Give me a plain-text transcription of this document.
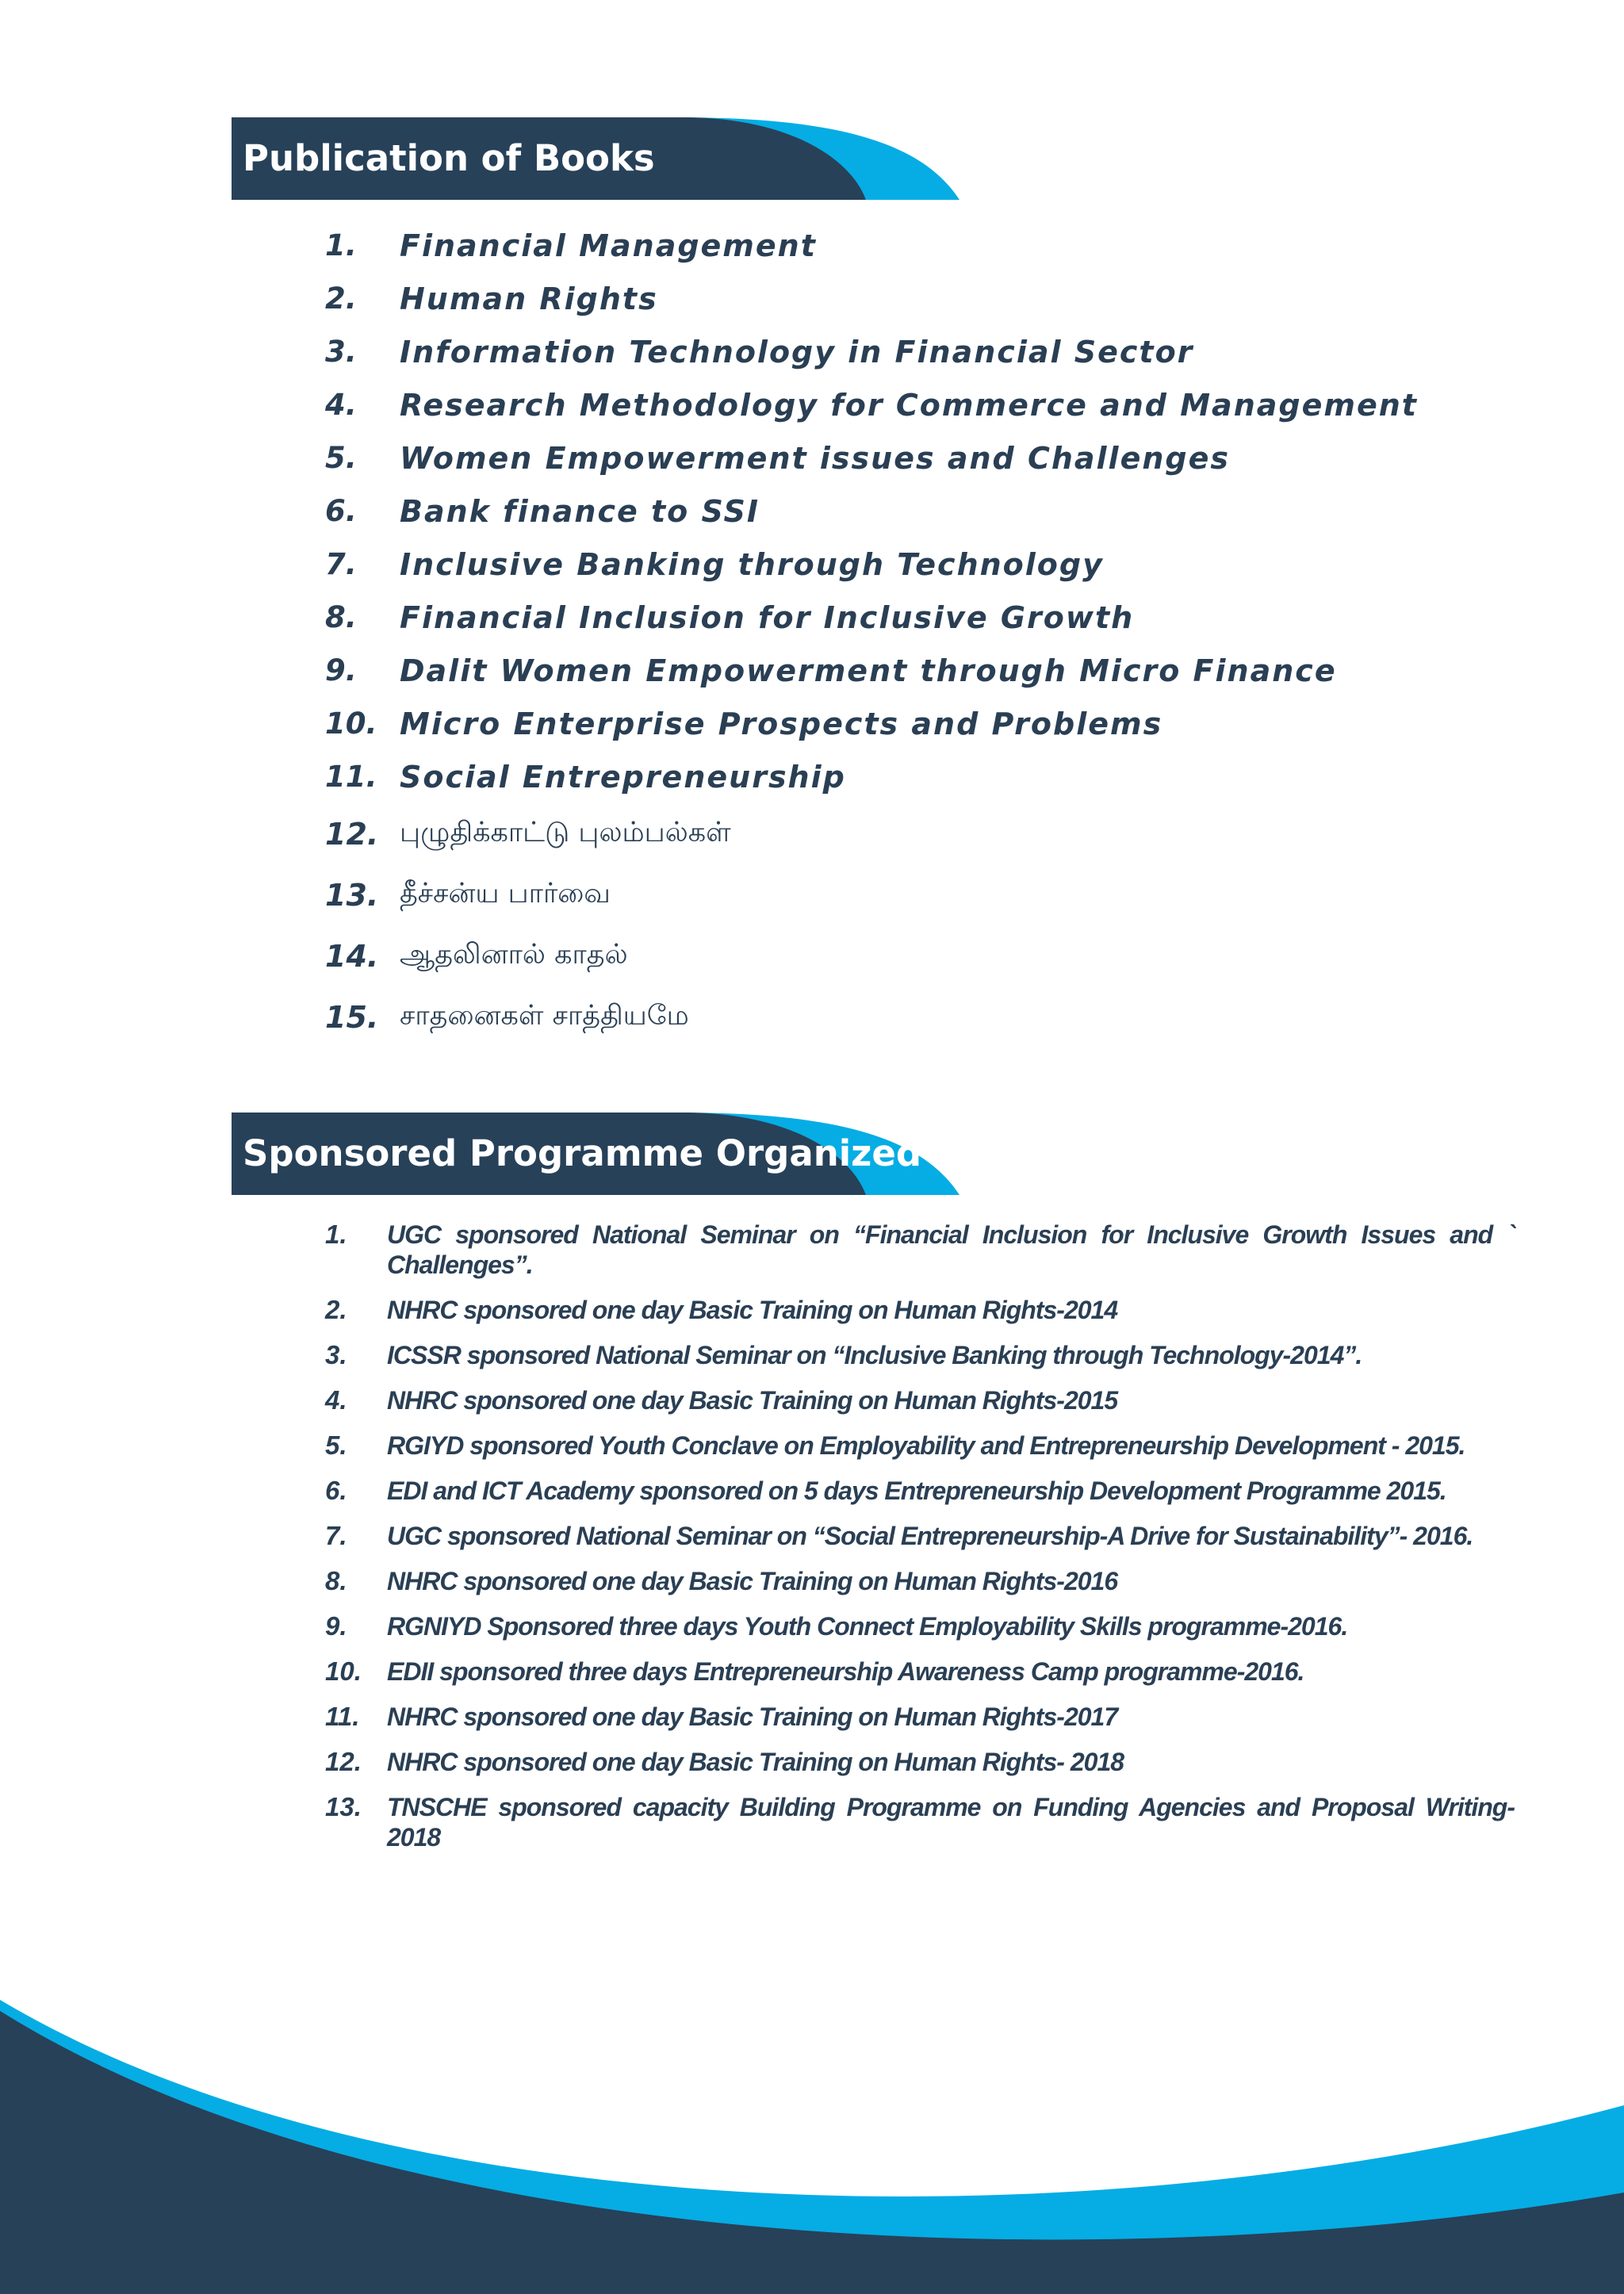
Publication of Books
1.	Financial Management
2.	Human Rights
3.	Information Technology in Financial Sector
4.	Research Methodology for Commerce and Management
5.	Women Empowerment issues and Challenges
6.	Bank finance to SSI
7.	Inclusive Banking through Technology
8.	Financial Inclusion for Inclusive Growth
9.	Dalit Women Empowerment through Micro Finance
10. Micro Enterprise Prospects and Problems
11. Social Entrepreneurship
12. புழுதிக்காட்டு புலம்பல்கள்
13. தீச்சன்ய பார்வை
14. ஆதலினால் காதல்
15. சாதனைகள் சாத்தியமே
Sponsored Programme Organized
1.	UGC sponsored National Seminar on “Financial Inclusion for Inclusive Growth Issues and ` Challenges”.
2.	NHRC sponsored one day Basic Training on Human Rights-2014
3.	ICSSR sponsored National Seminar on “Inclusive Banking through Technology-2014”.
4.	NHRC sponsored one day Basic Training on Human Rights-2015
5.	RGIYD sponsored Youth Conclave on Employability and Entrepreneurship Development - 2015.
6.	EDI and ICT Academy sponsored on 5 days Entrepreneurship Development Programme 2015.
7.	UGC sponsored National Seminar on “Social Entrepreneurship-A Drive for Sustainability”- 2016.
8.	NHRC sponsored one day Basic Training on Human Rights-2016
9.	RGNIYD Sponsored three days Youth Connect Employability Skills programme-2016.
10.	EDII sponsored three days Entrepreneurship Awareness Camp programme-2016.
11.	NHRC sponsored one day Basic Training on Human Rights-2017
12.	NHRC sponsored one day Basic Training on Human Rights- 2018
13.	TNSCHE sponsored capacity Building Programme on Funding Agencies and Proposal Writing- 2018
